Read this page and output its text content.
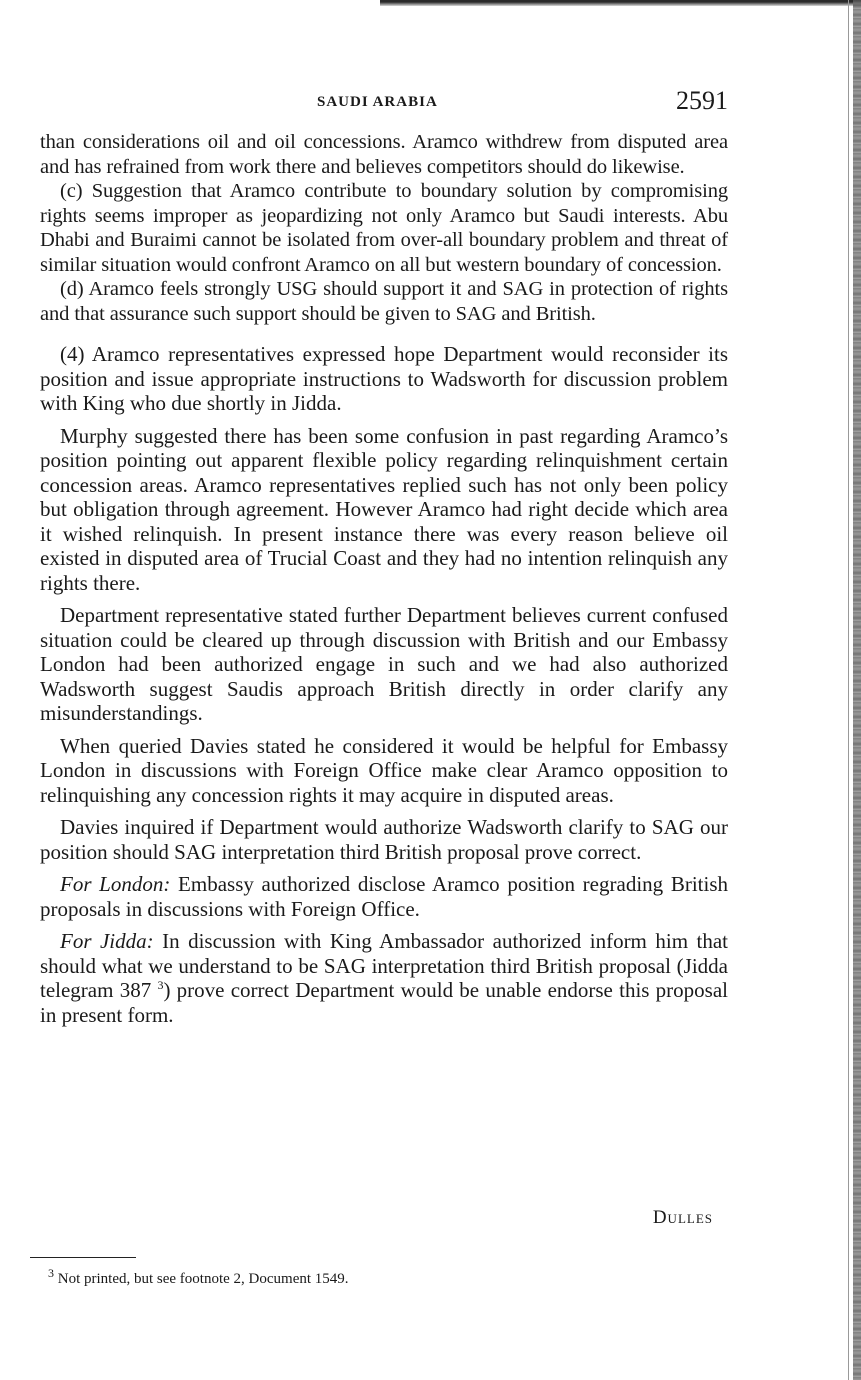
SAUDI ARABIA	2591

than considerations oil and oil concessions. Aramco withdrew from disputed area and has refrained from work there and believes competitors should do likewise.

(c) Suggestion that Aramco contribute to boundary solution by compromising rights seems improper as jeopardizing not only Aramco but Saudi interests. Abu Dhabi and Buraimi cannot be isolated from over-all boundary problem and threat of similar situation would confront Aramco on all but western boundary of concession.

(d) Aramco feels strongly USG should support it and SAG in protection of rights and that assurance such support should be given to SAG and British.

(4) Aramco representatives expressed hope Department would reconsider its position and issue appropriate instructions to Wadsworth for discussion problem with King who due shortly in Jidda.

Murphy suggested there has been some confusion in past regarding Aramco’s position pointing out apparent flexible policy regarding relinquishment certain concession areas. Aramco representatives replied such has not only been policy but obligation through agreement. However Aramco had right decide which area it wished relinquish. In present instance there was every reason believe oil existed in disputed area of Trucial Coast and they had no intention relinquish any rights there.

Department representative stated further Department believes current confused situation could be cleared up through discussion with British and our Embassy London had been authorized engage in such and we had also authorized Wadsworth suggest Saudis approach British directly in order clarify any misunderstandings.

When queried Davies stated he considered it would be helpful for Embassy London in discussions with Foreign Office make clear Aramco opposition to relinquishing any concession rights it may acquire in disputed areas.

Davies inquired if Department would authorize Wadsworth clarify to SAG our position should SAG interpretation third British proposal prove correct.

For London: Embassy authorized disclose Aramco position regrading British proposals in discussions with Foreign Office.

For Jidda: In discussion with King Ambassador authorized inform him that should what we understand to be SAG interpretation third British proposal (Jidda telegram 387 $^3$) prove correct Department would be unable endorse this proposal in present form.

Dulles
$^3$ Not printed, but see footnote 2, Document 1549.
